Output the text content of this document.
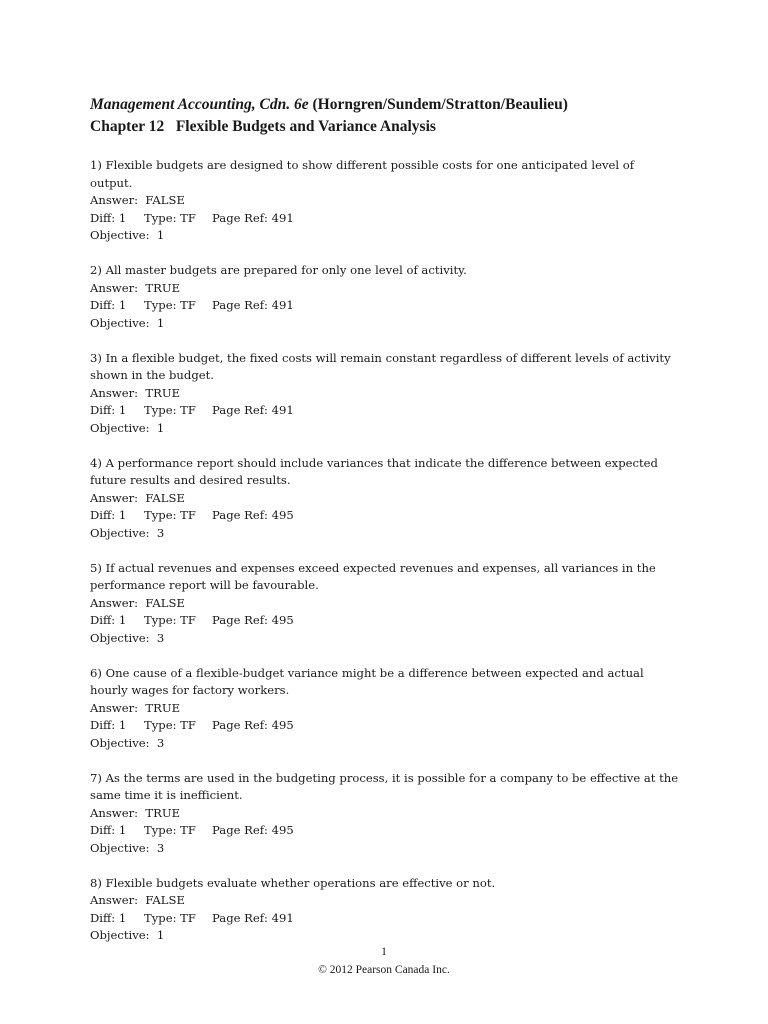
Management Accounting, Cdn. 6e (Horngren/Sundem/Stratton/Beaulieu)
Chapter 12   Flexible Budgets and Variance Analysis
1) Flexible budgets are designed to show different possible costs for one anticipated level of output.
Answer:  FALSE
Diff: 1 Type: TF Page Ref: 491
Objective:  1
2) All master budgets are prepared for only one level of activity.
Answer:  TRUE
Diff: 1 Type: TF Page Ref: 491
Objective:  1
3) In a flexible budget, the fixed costs will remain constant regardless of different levels of activity shown in the budget.
Answer:  TRUE
Diff: 1 Type: TF Page Ref: 491
Objective:  1
4) A performance report should include variances that indicate the difference between expected future results and desired results.
Answer:  FALSE
Diff: 1 Type: TF Page Ref: 495
Objective:  3
5) If actual revenues and expenses exceed expected revenues and expenses, all variances in the performance report will be favourable.
Answer:  FALSE
Diff: 1 Type: TF Page Ref: 495
Objective:  3
6) One cause of a flexible-budget variance might be a difference between expected and actual hourly wages for factory workers.
Answer:  TRUE
Diff: 1 Type: TF Page Ref: 495
Objective:  3
7) As the terms are used in the budgeting process, it is possible for a company to be effective at the same time it is inefficient.
Answer:  TRUE
Diff: 1 Type: TF Page Ref: 495
Objective:  3
8) Flexible budgets evaluate whether operations are effective or not.
Answer:  FALSE
Diff: 1 Type: TF Page Ref: 491
Objective:  1
1
© 2012 Pearson Canada Inc.
